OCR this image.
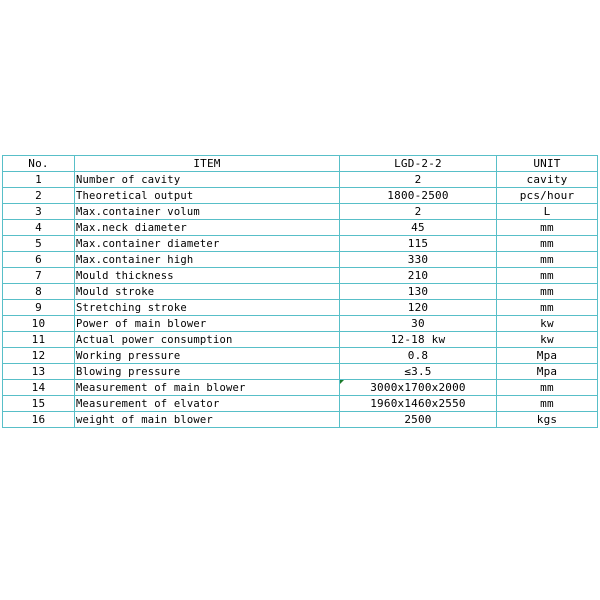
No.	ITEM	LGD-2-2	UNIT
1	Number of cavity	2	cavity
2	Theoretical output	1800-2500	pcs/hour
3	Max.container volum	2	L
4	Max.neck diameter	45	mm
5	Max.container diameter	115	mm
6	Max.container high	330	mm
7	Mould thickness	210	mm
8	Mould stroke	130	mm
9	Stretching stroke	120	mm
10	Power of main blower	30	kw
11	Actual power consumption	12-18 kw	kw
12	Working pressure	0.8	Mpa
13	Blowing pressure	≤3.5	Mpa
14	Measurement of main blower	3000x1700x2000	mm
15	Measurement of elvator	1960x1460x2550	mm
16	weight of main blower	2500	kgs
